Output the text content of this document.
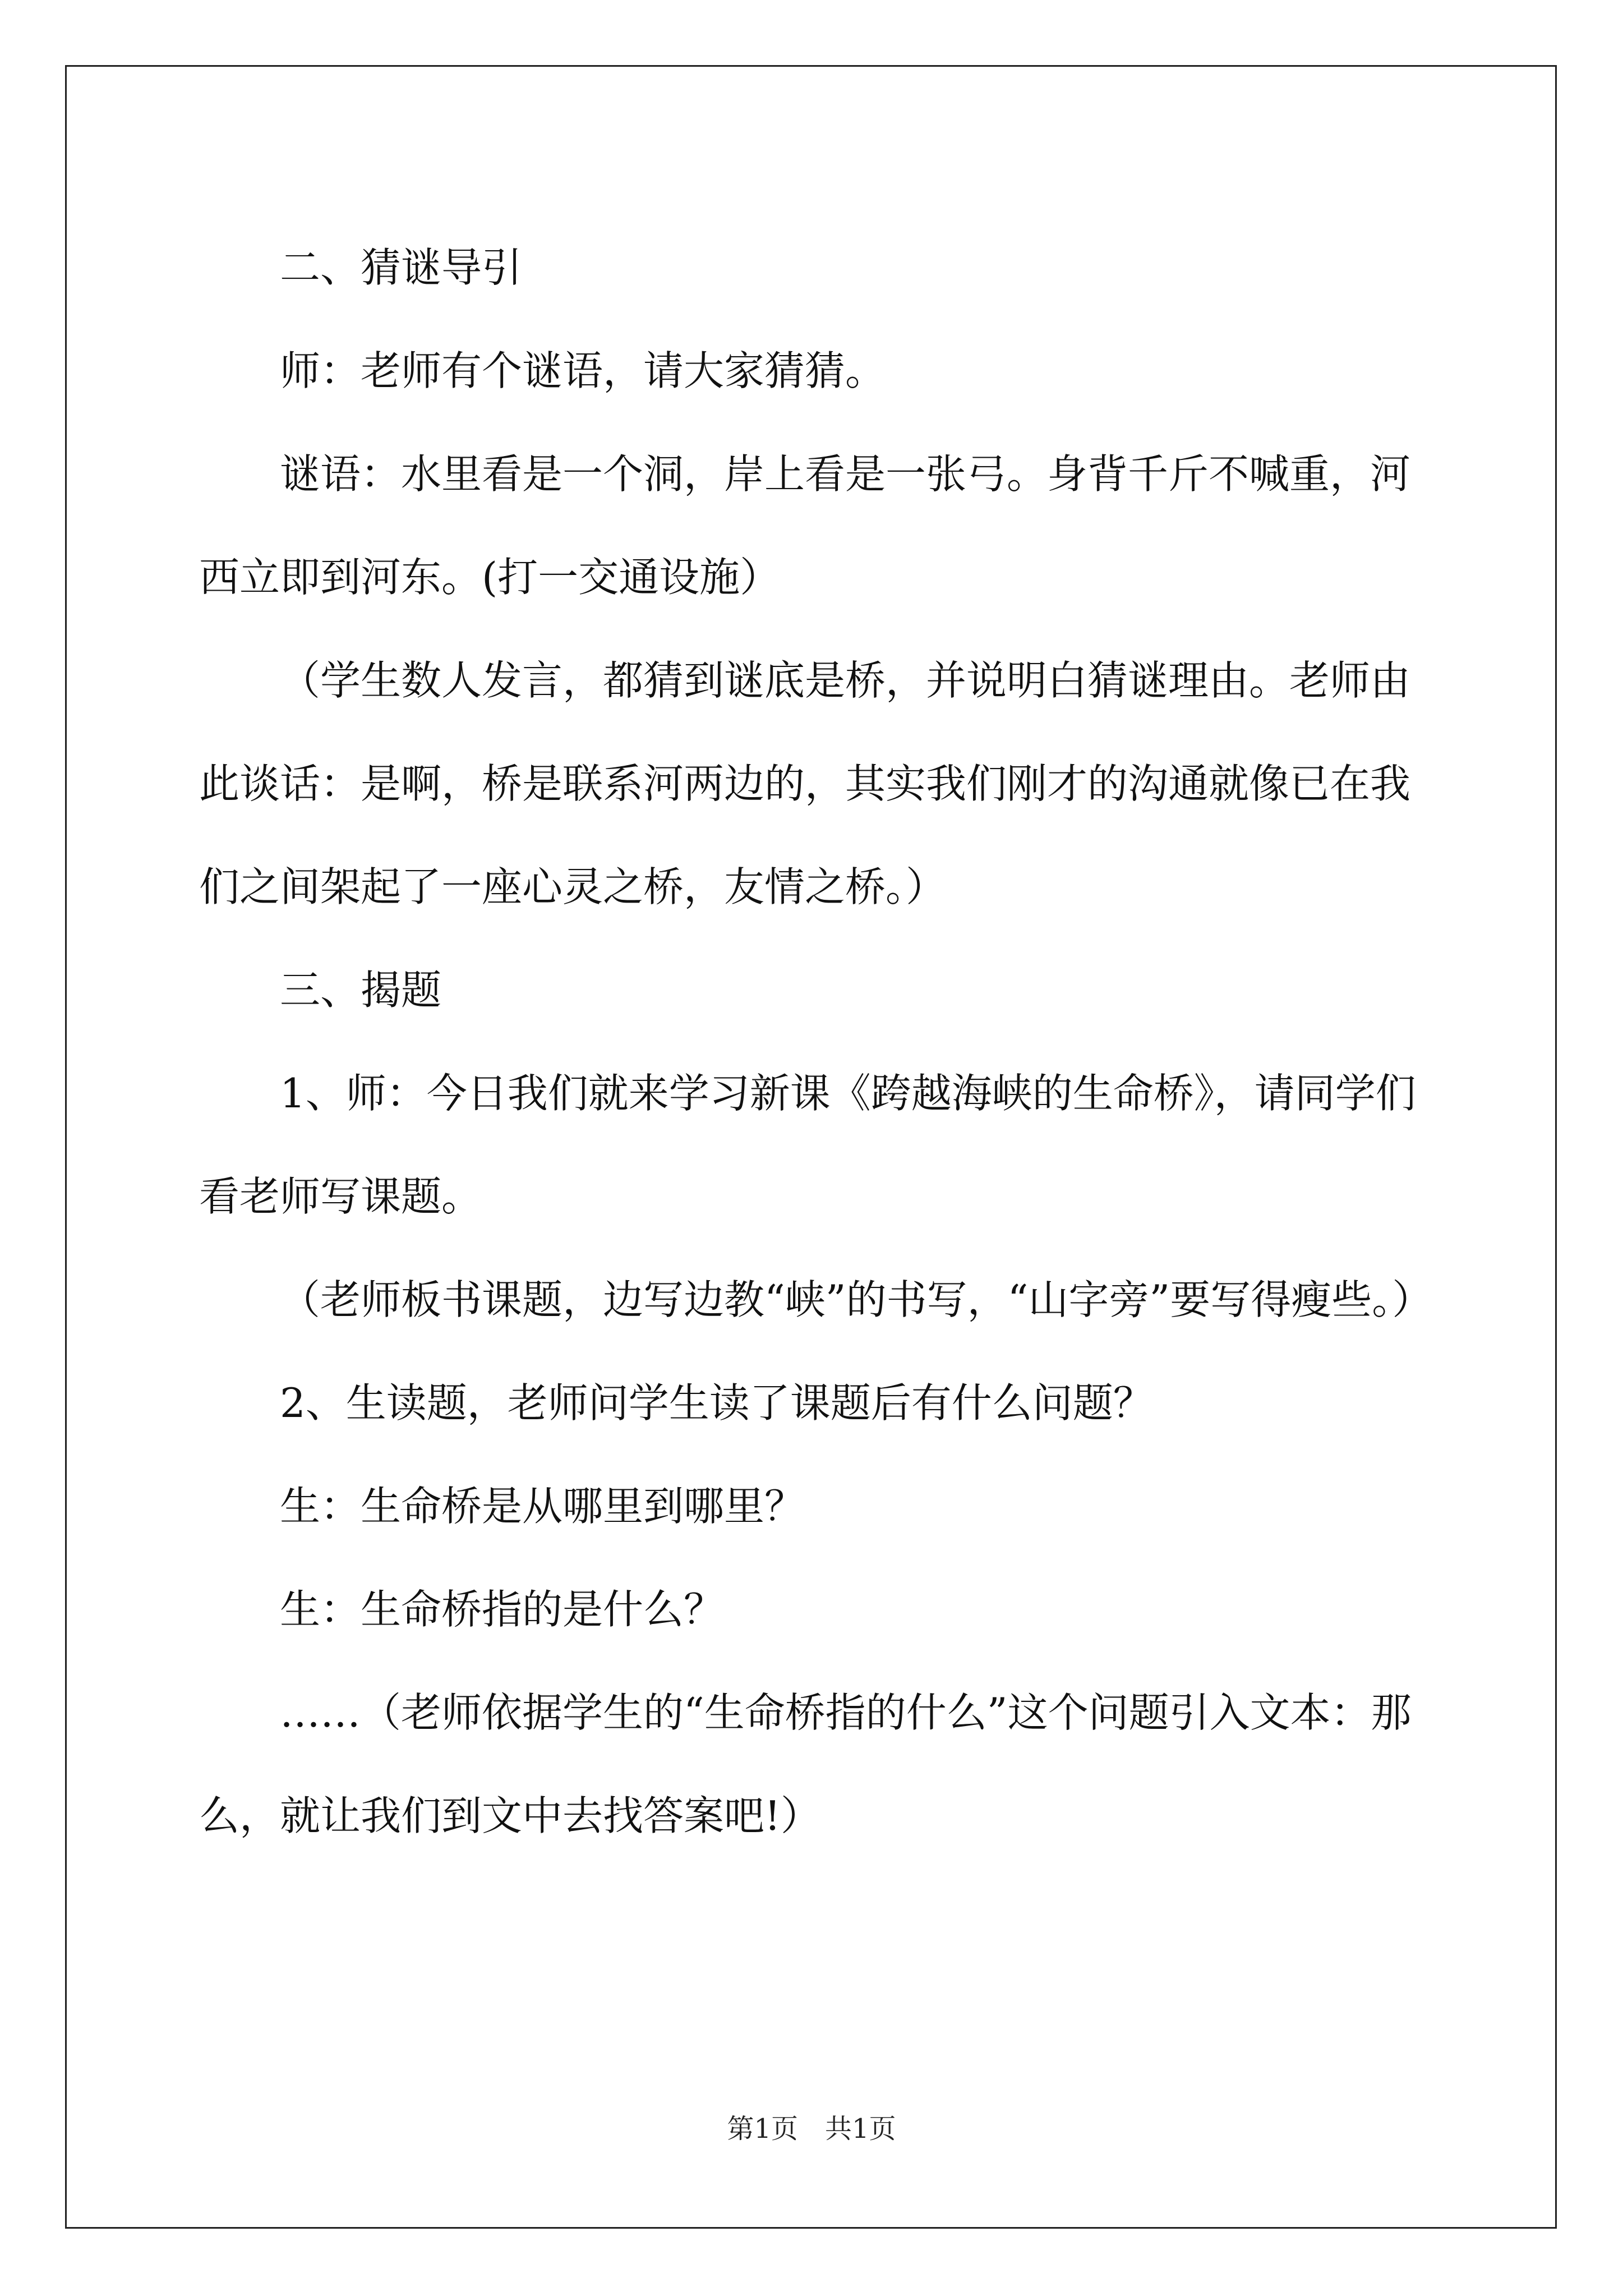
二、猜谜导引

师：老师有个谜语，请大家猜猜。

谜语：水里看是一个洞，岸上看是一张弓。身背千斤不喊重，河西立即到河东。(打一交通设施）

（学生数人发言，都猜到谜底是桥，并说明白猜谜理由。老师由此谈话：是啊，桥是联系河两边的，其实我们刚才的沟通就像已在我们之间架起了一座心灵之桥，友情之桥。）

三、揭题

1、师：今日我们就来学习新课《跨越海峡的生命桥》，请同学们看老师写课题。

（老师板书课题，边写边教“峡”的书写，“山字旁”要写得瘦些。）

2、生读题，老师问学生读了课题后有什么问题？

生：生命桥是从哪里到哪里？

生：生命桥指的是什么？

……（老师依据学生的“生命桥指的什么”这个问题引入文本：那么，就让我们到文中去找答案吧!）

第1页　共1页
